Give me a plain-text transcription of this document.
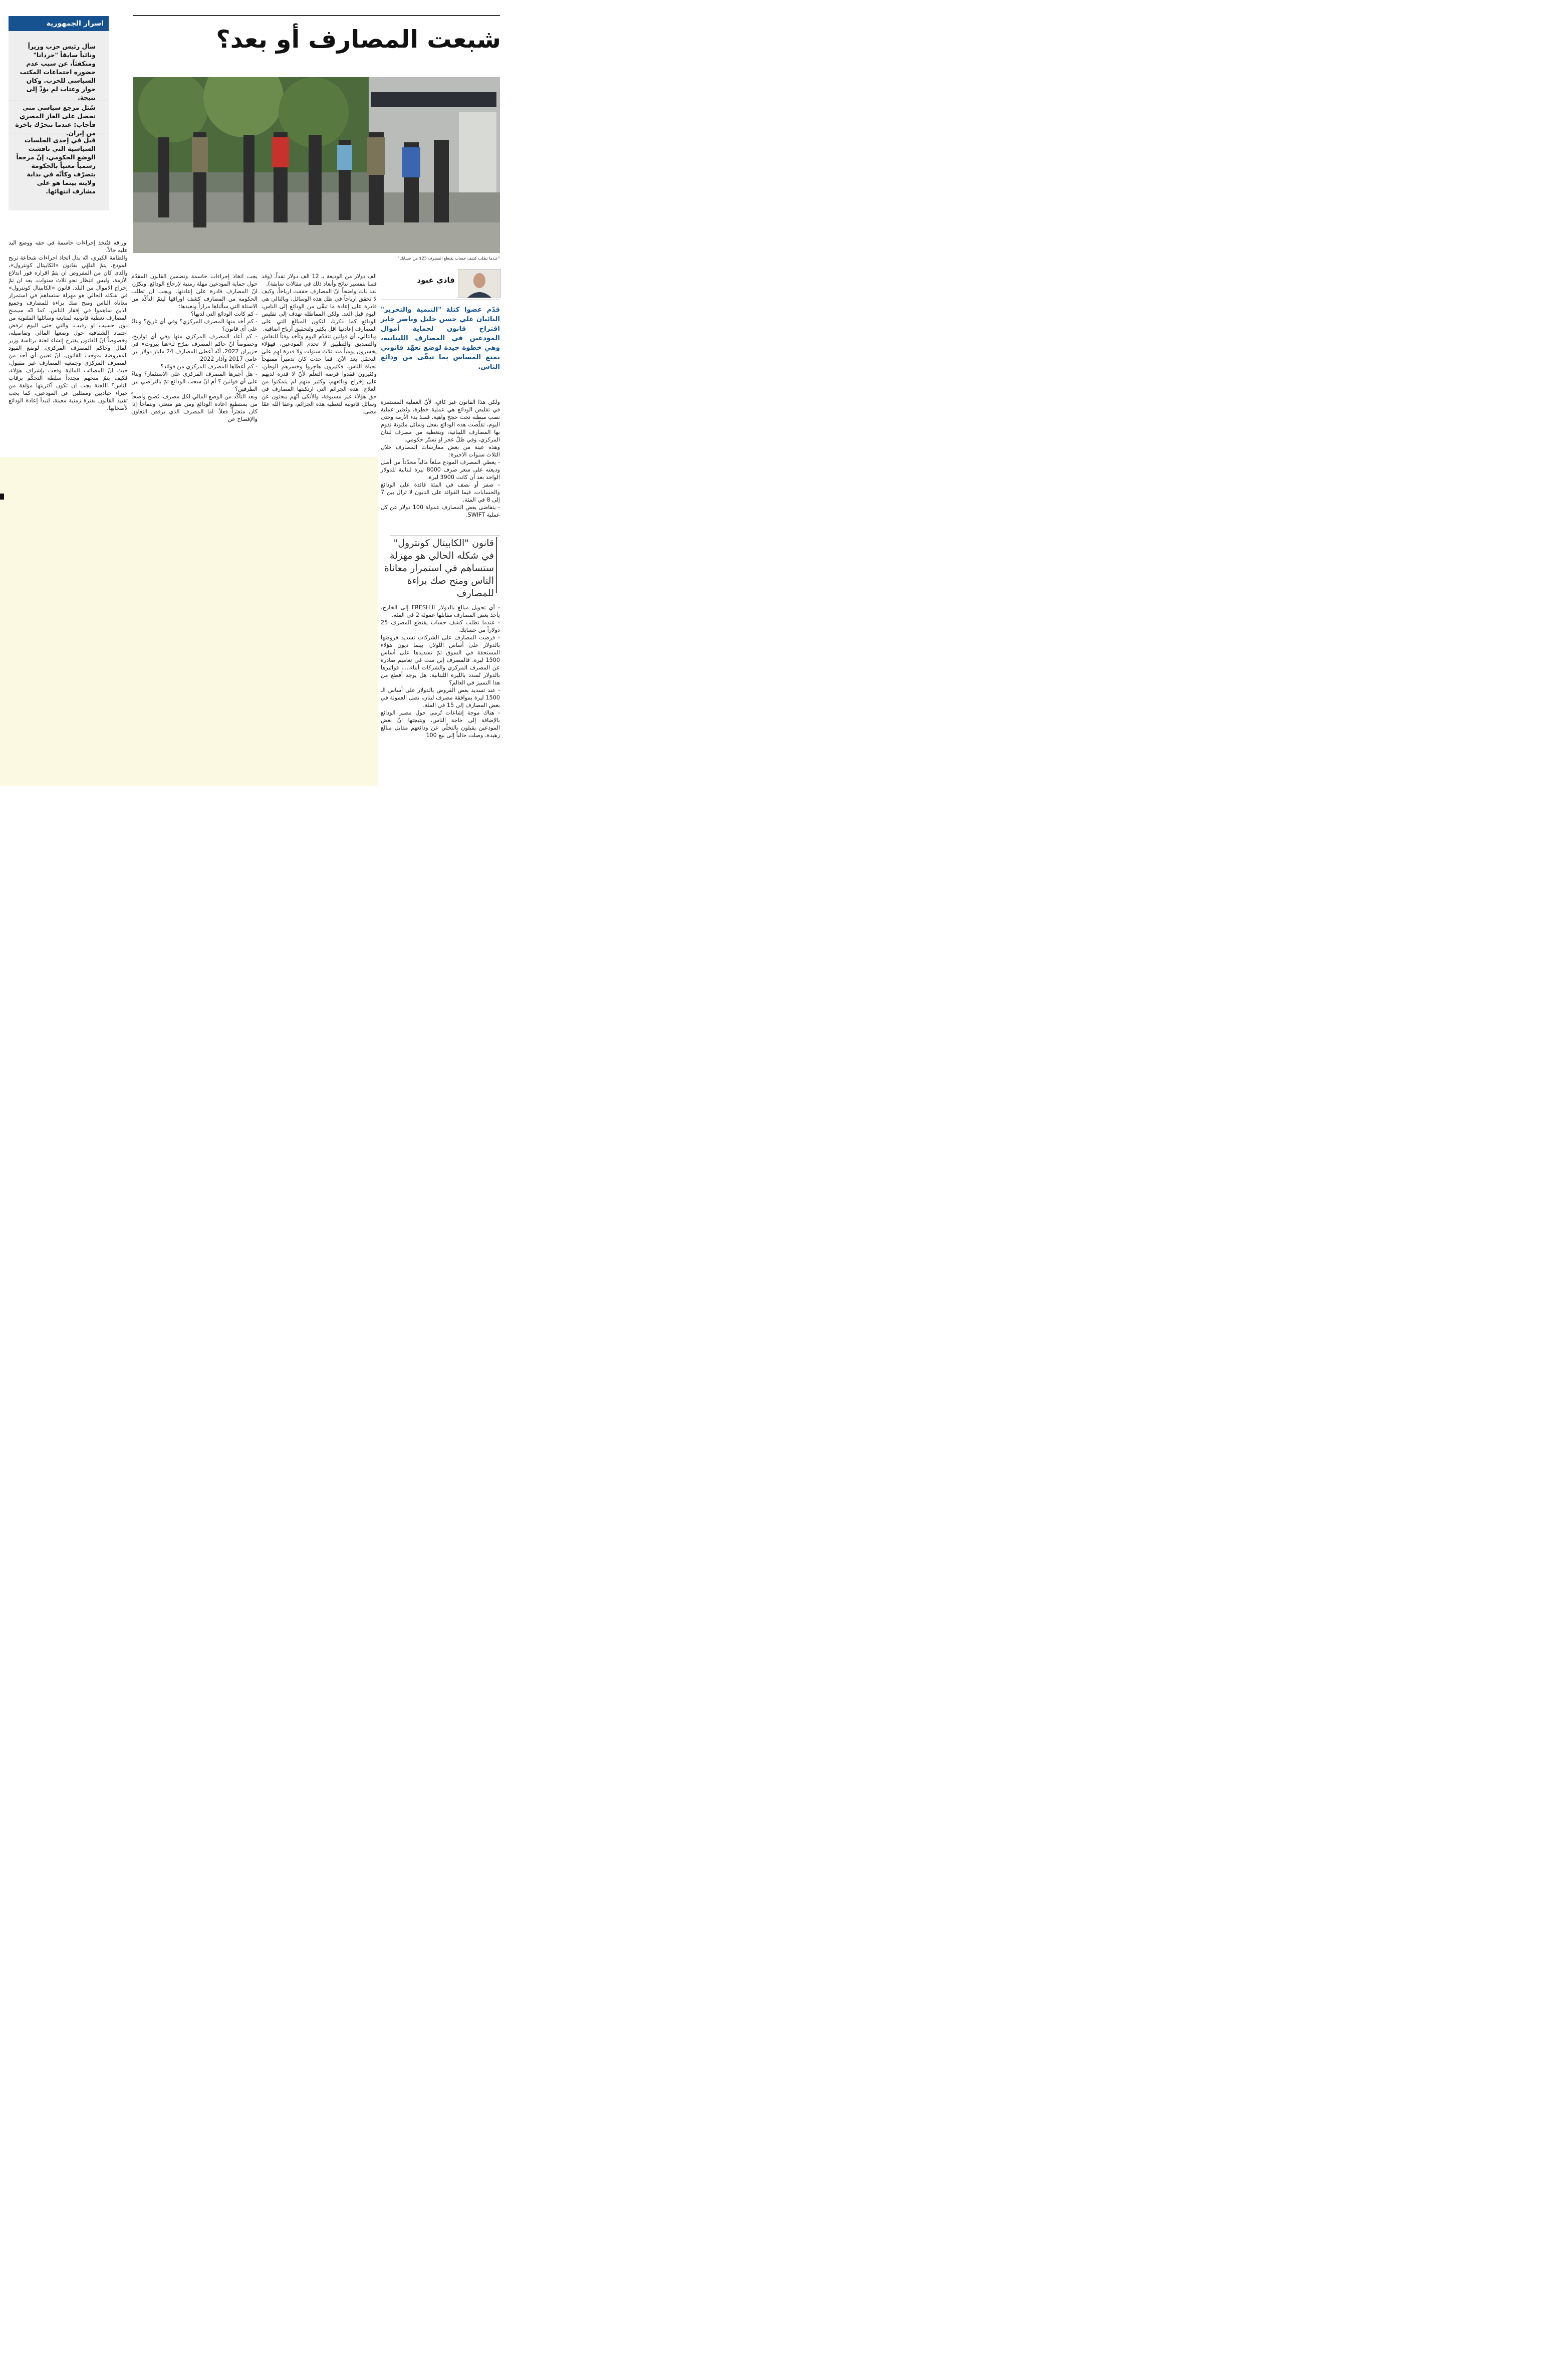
اسرار الجمهورية

سأل رئيس حزب وزيراً ونائباً سابقاً "حردانا" ومنكفئاً، عن سبب عدم حضوره اجتماعات المكتب السياسي للحزب. وكان حوار وعتاب لم يؤدِّ إلى نتيجة.

سُئل مرجع سياسي متى نحصل على الغاز المصري فأجاب: عندما تتحرّك باخرة من إيران.

قيل في إحدى الجلسات السياسية التي ناقشت الوضع الحكومي، إنّ مرجعاً رسمياً معنياً بالحكومة يتصرّف وكأنّه في بداية ولايته بينما هو على مشارف انتهائها.

شبعت المصارف أو بعد؟

"عندما تطلب كشف حساب يقتطع المصرف 25$ من حسابك"

فادي عبود

قدّم عضوا كتلة "التنمية والتحرير" النائبان علي حسن خليل وناصر جابر اقتراح قانون لحماية أموال المودعين في المصارف اللبنانية، وهي خطوة جيدة لوضع تعهّد قانوني يمنع المساس بما تبقّى من ودائع الناس.

ولكن هذا القانون غير كافٍ، لأنّ العملية المستمرة في تقليص الودائع هي عملية خطِرة، وتُعتبر عملية نصب مبطنة تحت حجج واهية. فمنذ بدء الأزمة وحتى اليوم، تقلّصت هذه الودائع بفعل وسائل ملتوية تقوم بها المصارف اللبنانية، وبتغطية من مصرف لبنان المركزي، وفي ظلّ عجز او تستّر حكومي.
وهذه عينة من بعض ممارسات المصارف خلال الثلاث سنوات الاخيرة:
- يعطي المصرف المودع مبلغاً مالياً محدّداً من أصل وديعته على سعر صرف 8000 ليرة لبنانية للدولار الواحد بعد أن كانت 3900 ليرة.
- صفر أو نصف في المئة فائدة على الودائع والحسابات، فيما الفوائد على الديون لا تزال بين 7 إلى 8 في المئة.
- يتقاضى بعض المصارف عمولة 100 دولار عن كل عملية SWIFT.

قانون "الكابيتال كونترول" في شكله الحالي هو مهزلة ستساهم في استمرار معاناة الناس ومنح صك براءة للمصارف

- أي تحويل مبالغ بالدولار الـFRESH إلى الخارج، يأخذ بعض المصارف مقابلها عمولة 2 في المئة.
- عندما تطلب كشف حساب يقتطع المصرف 25 دولاراً من حسابك.
- فرضت المصارف على الشركات تسديد قروضها بالدولار على أساس اللولار، بينما ديون هؤلاء المستحقة في السوق تمّ تسديدها على أساس 1500 ليرة. فالمصرف إبن ست في تعاميم صادرة عن المصرف المركزي والشركات أبناء....، فواتيرها بالدولار تُسدد بالليرة اللبنانية. هل يوجد أفظع من هذا التمييز في العالم؟
- عند تسديد بعض القروض بالدولار على أساس الـ 1500 ليرة بموافقة مصرف لبنان، تصل العمولة في بعض المصارف إلى 15 في المئة.
- هناك موجة إشاعات تُرمى حول مصير الودائع بالإضافة إلى حاجة الناس، ونتيجتها انّ بعض المودعين يقبلون بالتخلّي عن ودائعهم مقابل مبالغ زهيدة، وصلت حالياً إلى بيع 100

الف دولار من الوديعة بـ 12 الف دولار نقداً. (وقد قمنا بتفسير نتائج وأبعاد ذلك في مقالات سابقة).
لقد بات واضحاً انّ المصارف حققت ارباحاً، وكيف لا تحقق ارباحاً في ظل هذه الوسائل، وبالتالي هي قادرة على إعادة ما تبقّى من الودائع إلى الناس، اليوم قبل الغد. ولكن المماطلة تهدف إلى تقليص الودائع كما ذكرنا، لتكون المبالغ التي على المصارف إعادتها اقل بكثير ولتحقيق أرباح اضافية.
وبالتالي، أي قوانين تتقدّم اليوم وتأخذ وقتاً للنقاش والتصديق والتطبيق لا تخدم المودعين، فهؤلاء يخسرون يومياً منذ ثلاث سنوات ولا قدرة لهم على التحمّل بعد الآن. فما حدث كان تدميراً ممنهجاً لحياة الناس. فكثيرون هاجروا وخسرهم الوطن، وكثيرون فقدوا فرصة التعلّم لأنّ لا قدرة لديهم على إخراج ودائعهم، وكثير منهم لم يتمكنوا من العلاج. هذه الجرائم التي ارتكبتها المصارف في حق هؤلاء غير مسبوقة، والأنكى أنّهم يبحثون عن وسائل قانونية لتغطية هذه الجرائم، وعفا الله عمّا مضى.

يجب اتخاذ إجراءات حاسمة وتضمين القانون المقدّم حول حماية المودعين مهلة زمنية لإرجاع الودائع. ونكرّر، انّ المصارف قادرة على إعادتها. ويجب ان تطلب الحكومة من المصارف كشف اوراقها ليتمّ التأكّد من الاسئلة التي سألناها مراراً ونعيدها:
- كم كانت الودائع التي لديها؟
- كم أخذ منها المصرف المركزي؟ وفي أي تاريخ؟ وبناءً على أي قانون؟
- كم أعاد المصرف المركزي منها وفي أي تواريخ، وخصوصاً انّ حاكم المصرف صرّح لـ«هنا بيروت» في حزيران 2022، أنّه أعطى المصارف 24 مليار دولار بين عامي 2017 وآذار 2022
- كم أعطاها المصرف المركزي من فوائد؟
- هل أجبرها المصرف المركزي على الاستثمار؟ وبناءً على أي قوانين ؟ أم انّ سحب الودائع تمّ بالتراضي بين الطرفين؟
وبعد التأكّد من الوضع المالي لكل مصرف، يُصبح واضحاً من يستطيع اعادة الودائع ومن هو متعثر، ونتفاجأ إذا كان متعثراً فعلاً. اما المصرف الذي يرفض التعاون والإفصاح عن

اوراقه فتُتخذ إجراءات حاسمة في حقه ووضع اليد عليه حالاً.
والطامة الكبرى، انّه بدل اتخاذ اجراءات شجاعة تربح المودع، يتمّ التلهّي بقانون «الكابيتال كونترول»، والذي كان من المفروض ان يتمّ اقراره فور اندلاع الأزمة، وليس انتظار نحو ثلاث سنوات، بعد ان تمّ إخراج الاموال من البلد. قانون «الكابيتال كونترول» في شكله الحالي هو مهزلة ستساهم في استمرار معاناة الناس ومنح صك براءة للمصارف وجميع الذين ساهموا في إفقار الناس، كما انّه سيمنح المصارف تغطية قانونية لمتابعة وسائلها الملتوية من دون حسيب او رقيب، والتي حتى اليوم ترفض اعتماد الشفافية حول وضعها المالي وتفاصيله، وخصوصاً انّ القانون يقترح إنشاء لجنة برئاسة وزير المال وحاكم المصرف المركزي، لوضع القيود المفروضة بموجب القانون. انّ تعيين أي أحد من المصرف المركزي وجمعية المصارف غير مقبول، حيث انّ المصائب المالية وقعت بإشراف هؤلاء، فكيف يتمّ منحهم مجدداً سلطة التحكّم برقاب الناس؟ اللجنة يجب ان تكون أكثريتها مؤلفة من خبراء حياديين وممثلين عن المودعين، كما يجب تقييد القانون بفترة زمنية معينة، لتبدأ إعادة الودائع لأصحابها.
